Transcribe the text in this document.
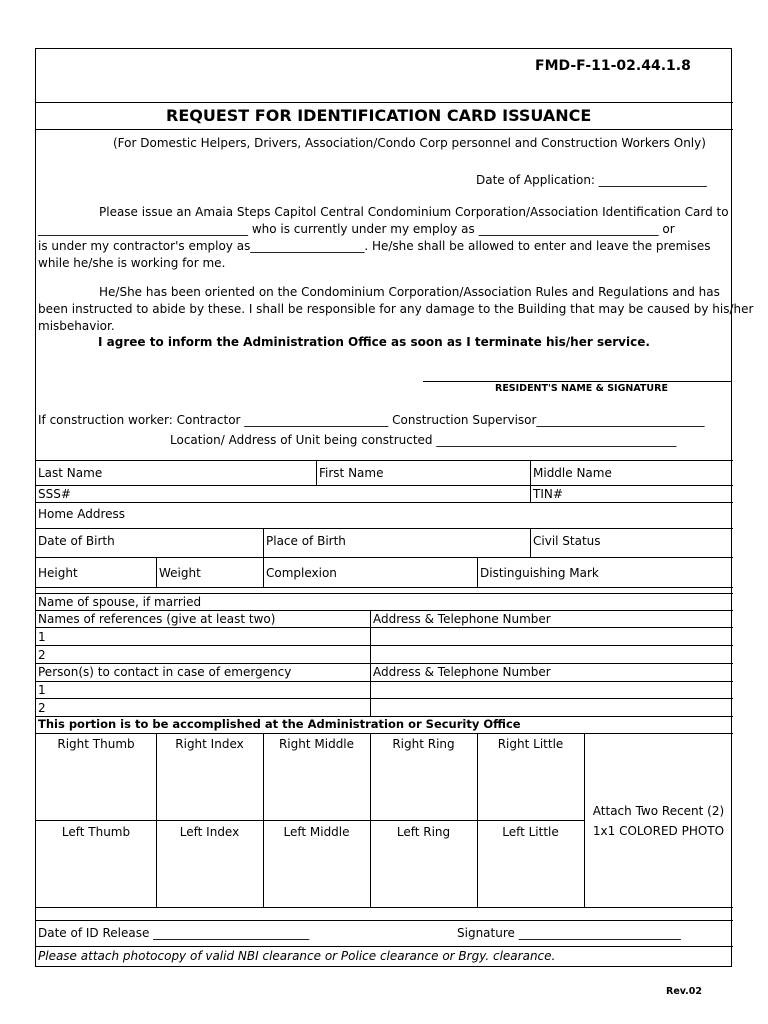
FMD-F-11-02.44.1.8
REQUEST FOR IDENTIFICATION CARD ISSUANCE
(For Domestic Helpers, Drivers, Association/Condo Corp personnel and Construction Workers Only)
Date of Application: __________________
Please issue an Amaia Steps Capitol Central Condominium Corporation/Association Identification Card to
___________________________________ who is currently under my employ as ______________________________ or
is under my contractor's employ as___________________. He/she shall be allowed to enter and leave the premises
while he/she is working for me.
He/She has been oriented on the Condominium Corporation/Association Rules and Regulations and has
been instructed to abide by these. I shall be responsible for any damage to the Building that may be caused by his/her
misbehavior.
I agree to inform the Administration Office as soon as I terminate his/her service.
RESIDENT'S NAME & SIGNATURE
If construction worker: Contractor ________________________ Construction Supervisor____________________________
Location/ Address of Unit being constructed ________________________________________
Last Name	First Name	Middle Name
SSS#	TIN#
Home Address
Date of Birth	Place of Birth	Civil Status
Height	Weight	Complexion	Distinguishing Mark
Name of spouse, if married
Names of references (give at least two)	Address & Telephone Number
1
2
Person(s) to contact in case of emergency	Address & Telephone Number
1
2
This portion is to be accomplished at the Administration or Security Office
Right Thumb	Right Index	Right Middle	Right Ring	Right Little
Left Thumb	Left Index	Left Middle	Left Ring	Left Little
Attach Two Recent (2)
1x1 COLORED PHOTO
Date of ID Release __________________________	Signature ___________________________
Please attach photocopy of valid NBI clearance or Police clearance or Brgy. clearance.
Rev.02
